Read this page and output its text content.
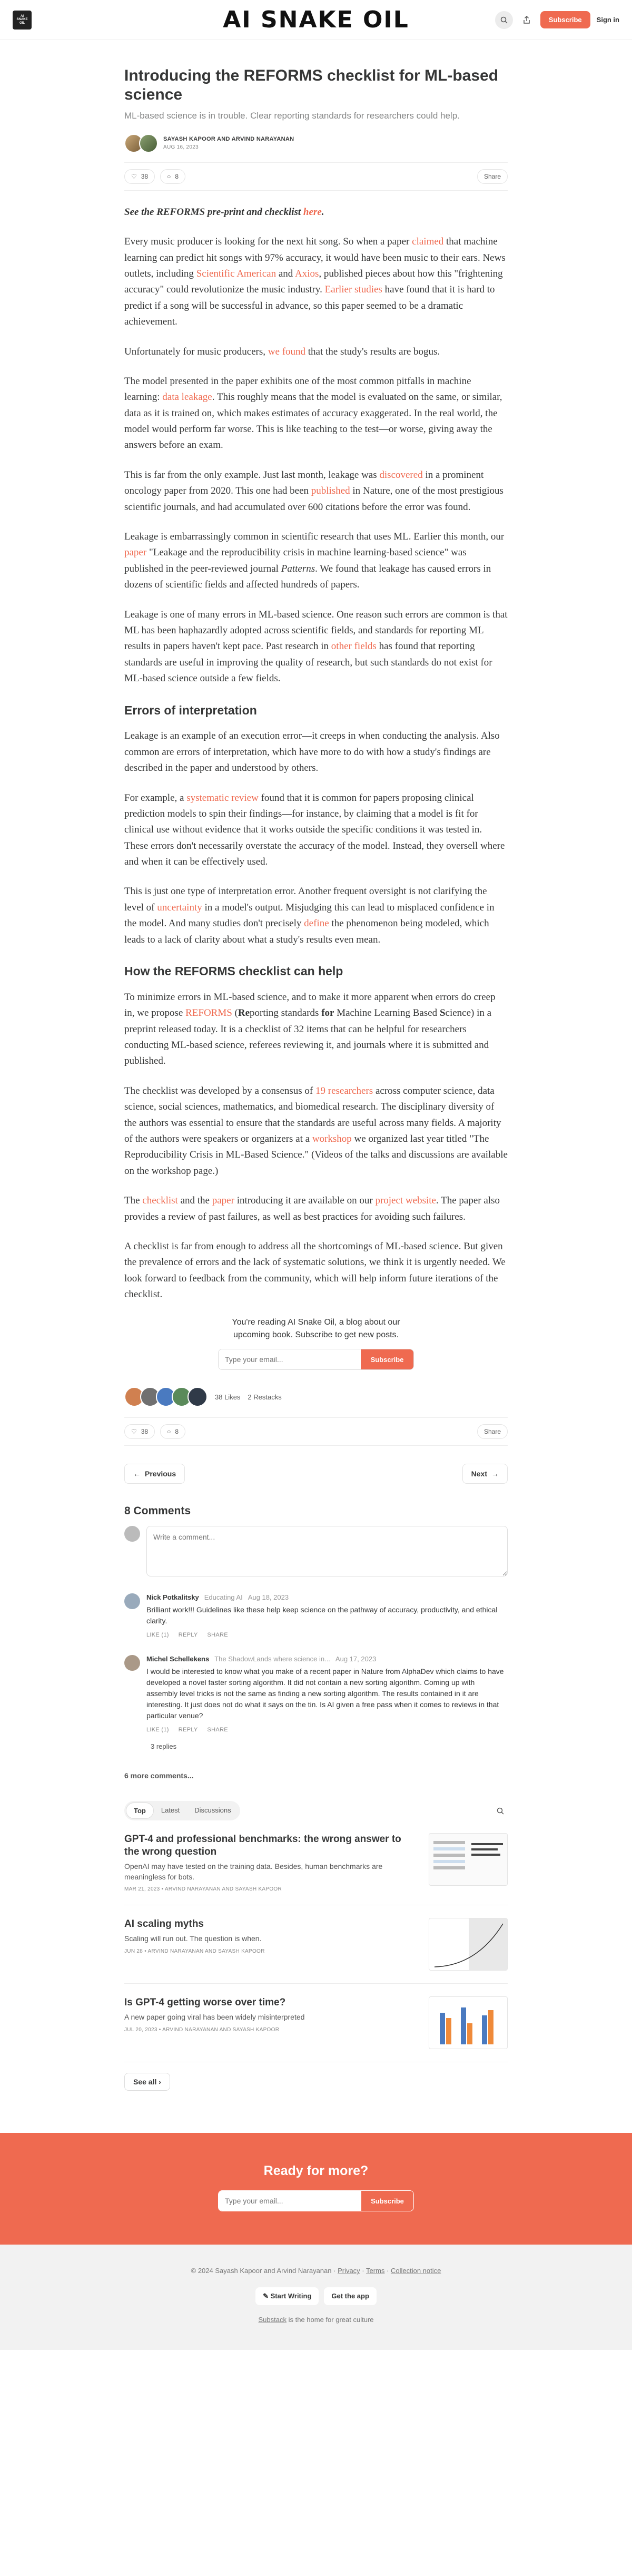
AI
SNAKE
OIL	AI SNAKE OIL	Subscribe	Sign in
Introducing the REFORMS checklist for ML-based science

ML-based science is in trouble. Clear reporting standards for researchers could help.

SAYASH KAPOOR AND ARVIND NARAYANAN
AUG 16, 2023
♡ 38	○ 8	Share

See the REFORMS pre-print and checklist here.

Every music producer is looking for the next hit song. So when a paper claimed that machine learning can predict hit songs with 97% accuracy, it would have been music to their ears. News outlets, including Scientific American and Axios, published pieces about how this "frightening accuracy" could revolutionize the music industry. Earlier studies have found that it is hard to predict if a song will be successful in advance, so this paper seemed to be a dramatic achievement.

Unfortunately for music producers, we found that the study's results are bogus.

The model presented in the paper exhibits one of the most common pitfalls in machine learning: data leakage. This roughly means that the model is evaluated on the same, or similar, data as it is trained on, which makes estimates of accuracy exaggerated. In the real world, the model would perform far worse. This is like teaching to the test—or worse, giving away the answers before an exam.

This is far from the only example. Just last month, leakage was discovered in a prominent oncology paper from 2020. This one had been published in Nature, one of the most prestigious scientific journals, and had accumulated over 600 citations before the error was found.

Leakage is embarrassingly common in scientific research that uses ML. Earlier this month, our paper "Leakage and the reproducibility crisis in machine learning-based science" was published in the peer-reviewed journal Patterns. We found that leakage has caused errors in dozens of scientific fields and affected hundreds of papers.

Leakage is one of many errors in ML-based science. One reason such errors are common is that ML has been haphazardly adopted across scientific fields, and standards for reporting ML results in papers haven't kept pace. Past research in other fields has found that reporting standards are useful in improving the quality of research, but such standards do not exist for ML-based science outside a few fields.

Errors of interpretation

Leakage is an example of an execution error—it creeps in when conducting the analysis. Also common are errors of interpretation, which have more to do with how a study's findings are described in the paper and understood by others.

For example, a systematic review found that it is common for papers proposing clinical prediction models to spin their findings—for instance, by claiming that a model is fit for clinical use without evidence that it works outside the specific conditions it was tested in. These errors don't necessarily overstate the accuracy of the model. Instead, they oversell where and when it can be effectively used.

This is just one type of interpretation error. Another frequent oversight is not clarifying the level of uncertainty in a model's output. Misjudging this can lead to misplaced confidence in the model. And many studies don't precisely define the phenomenon being modeled, which leads to a lack of clarity about what a study's results even mean.

How the REFORMS checklist can help

To minimize errors in ML-based science, and to make it more apparent when errors do creep in, we propose REFORMS (Reporting standards for Machine Learning Based Science) in a preprint released today. It is a checklist of 32 items that can be helpful for researchers conducting ML-based science, referees reviewing it, and journals where it is submitted and published.

The checklist was developed by a consensus of 19 researchers across computer science, data science, social sciences, mathematics, and biomedical research. The disciplinary diversity of the authors was essential to ensure that the standards are useful across many fields. A majority of the authors were speakers or organizers at a workshop we organized last year titled "The Reproducibility Crisis in ML-Based Science." (Videos of the talks and discussions are available on the workshop page.)

The checklist and the paper introducing it are available on our project website. The paper also provides a review of past failures, as well as best practices for avoiding such failures.

A checklist is far from enough to address all the shortcomings of ML-based science. But given the prevalence of errors and the lack of systematic solutions, we think it is urgently needed. We look forward to feedback from the community, which will help inform future iterations of the checklist.

You're reading AI Snake Oil, a blog about our upcoming book. Subscribe to get new posts.

Type your email...
Subscribe
38 Likes 2 Restacks
♡ 38	○ 8	Share
← Previous	Next →
8 Comments
Write a comment...
Nick Potkalitsky Educating AI Aug 18, 2023

Brilliant work!!! Guidelines like these help keep science on the pathway of accuracy, productivity, and ethical clarity.

LIKE (1) REPLY SHARE
Michel Schellekens The ShadowLands where science in... Aug 17, 2023

I would be interested to know what you make of a recent paper in Nature from AlphaDev which claims to have developed a novel faster sorting algorithm. It did not contain a new sorting algorithm. Coming up with assembly level tricks is not the same as finding a new sorting algorithm. The results contained in it are interesting. It just does not do what it says on the tin. Is AI given a free pass when it comes to reviews in that particular venue?

LIKE (1) REPLY SHARE
3 replies
6 more comments...
Top	Latest	Discussions
GPT-4 and professional benchmarks: the wrong answer to the wrong question
OpenAI may have tested on the training data. Besides, human benchmarks are meaningless for bots.
MAR 21, 2023 • ARVIND NARAYANAN AND SAYASH KAPOOR
AI scaling myths
Scaling will run out. The question is when.
JUN 28 • ARVIND NARAYANAN AND SAYASH KAPOOR
Is GPT-4 getting worse over time?
A new paper going viral has been widely misinterpreted
JUL 20, 2023 • ARVIND NARAYANAN AND SAYASH KAPOOR
See all ›
Ready for more?
Type your email...
Subscribe
© 2024 Sayash Kapoor and Arvind Narayanan · Privacy · Terms · Collection notice
✎ Start Writing	Get the app
Substack is the home for great culture
